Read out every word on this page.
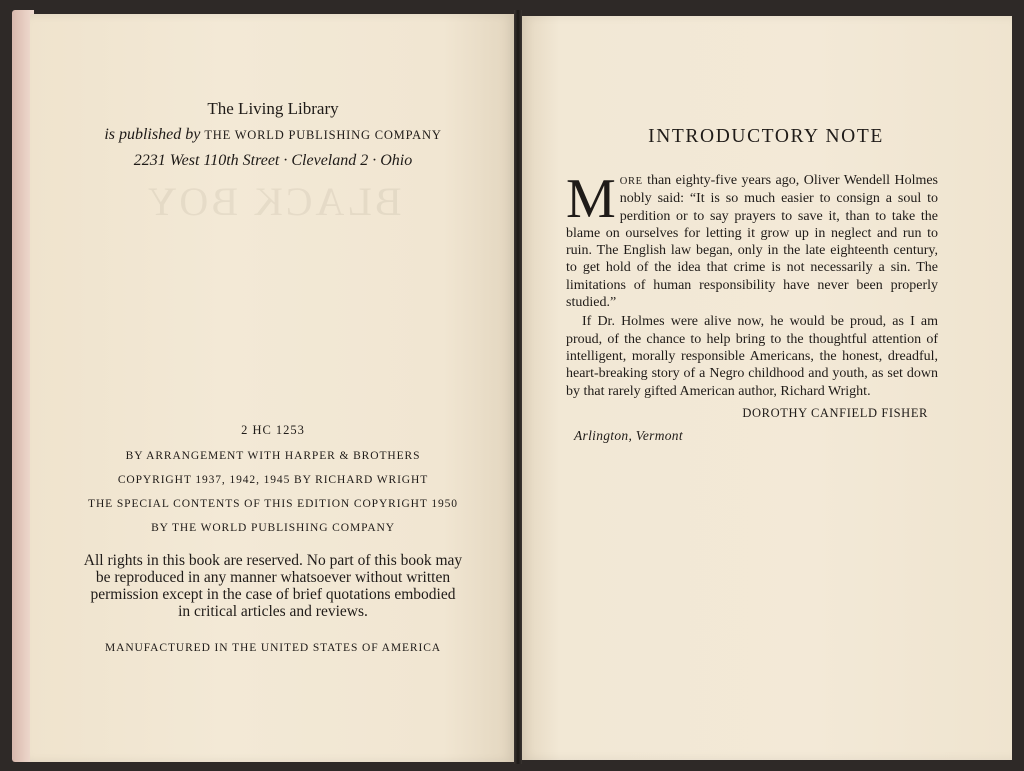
The Living Library
is published by THE WORLD PUBLISHING COMPANY
2231 West 110th Street · Cleveland 2 · Ohio
2 HC 1253
BY ARRANGEMENT WITH HARPER & BROTHERS
COPYRIGHT 1937, 1942, 1945 BY RICHARD WRIGHT
THE SPECIAL CONTENTS OF THIS EDITION COPYRIGHT 1950
BY THE WORLD PUBLISHING COMPANY
All rights in this book are reserved. No part of this book may be reproduced in any manner whatsoever without written permission except in the case of brief quotations embodied in critical articles and reviews.
MANUFACTURED IN THE UNITED STATES OF AMERICA
INTRODUCTORY NOTE

MORE than eighty-five years ago, Oliver Wendell Holmes nobly said: “It is so much easier to consign a soul to perdition or to say prayers to save it, than to take the blame on ourselves for letting it grow up in neglect and run to ruin. The English law began, only in the late eighteenth century, to get hold of the idea that crime is not necessarily a sin. The limitations of human responsibility have never been properly studied.”

If Dr. Holmes were alive now, he would be proud, as I am proud, of the chance to help bring to the thoughtful attention of intelligent, morally responsible Americans, the honest, dreadful, heart-breaking story of a Negro childhood and youth, as set down by that rarely gifted American author, Richard Wright.

DOROTHY CANFIELD FISHER
Arlington, Vermont
